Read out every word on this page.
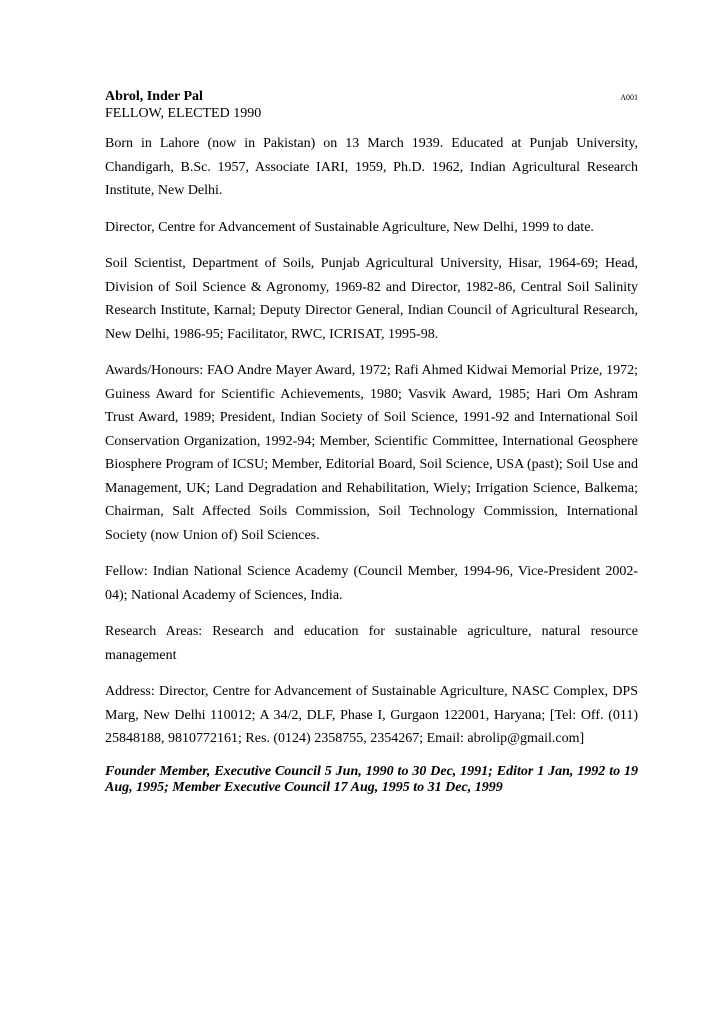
Abrol, Inder Pal
FELLOW, ELECTED 1990
A001

Born in Lahore (now in Pakistan) on 13 March 1939. Educated at Punjab University, Chandigarh, B.Sc. 1957, Associate IARI, 1959, Ph.D. 1962, Indian Agricultural Research Institute, New Delhi.

Director, Centre for Advancement of Sustainable Agriculture, New Delhi, 1999 to date.

Soil Scientist, Department of Soils, Punjab Agricultural University, Hisar, 1964-69; Head, Division of Soil Science & Agronomy, 1969-82 and Director, 1982-86, Central Soil Salinity Research Institute, Karnal; Deputy Director General, Indian Council of Agricultural Research, New Delhi, 1986-95; Facilitator, RWC, ICRISAT, 1995-98.

Awards/Honours: FAO Andre Mayer Award, 1972; Rafi Ahmed Kidwai Memorial Prize, 1972; Guiness Award for Scientific Achievements, 1980; Vasvik Award, 1985; Hari Om Ashram Trust Award, 1989; President, Indian Society of Soil Science, 1991-92 and International Soil Conservation Organization, 1992-94; Member, Scientific Committee, International Geosphere Biosphere Program of ICSU; Member, Editorial Board, Soil Science, USA (past); Soil Use and Management, UK; Land Degradation and Rehabilitation, Wiely; Irrigation Science, Balkema; Chairman, Salt Affected Soils Commission, Soil Technology Commission, International Society (now Union of) Soil Sciences.

Fellow: Indian National Science Academy (Council Member, 1994-96, Vice-President 2002-04); National Academy of Sciences, India.

Research Areas: Research and education for sustainable agriculture, natural resource management

Address: Director, Centre for Advancement of Sustainable Agriculture, NASC Complex, DPS Marg, New Delhi 110012; A 34/2, DLF, Phase I, Gurgaon 122001, Haryana; [Tel: Off. (011) 25848188, 9810772161; Res. (0124) 2358755, 2354267; Email: abrolip@gmail.com]

Founder Member, Executive Council 5 Jun, 1990 to 30 Dec, 1991; Editor 1 Jan, 1992 to 19 Aug, 1995; Member Executive Council 17 Aug, 1995 to 31 Dec, 1999
